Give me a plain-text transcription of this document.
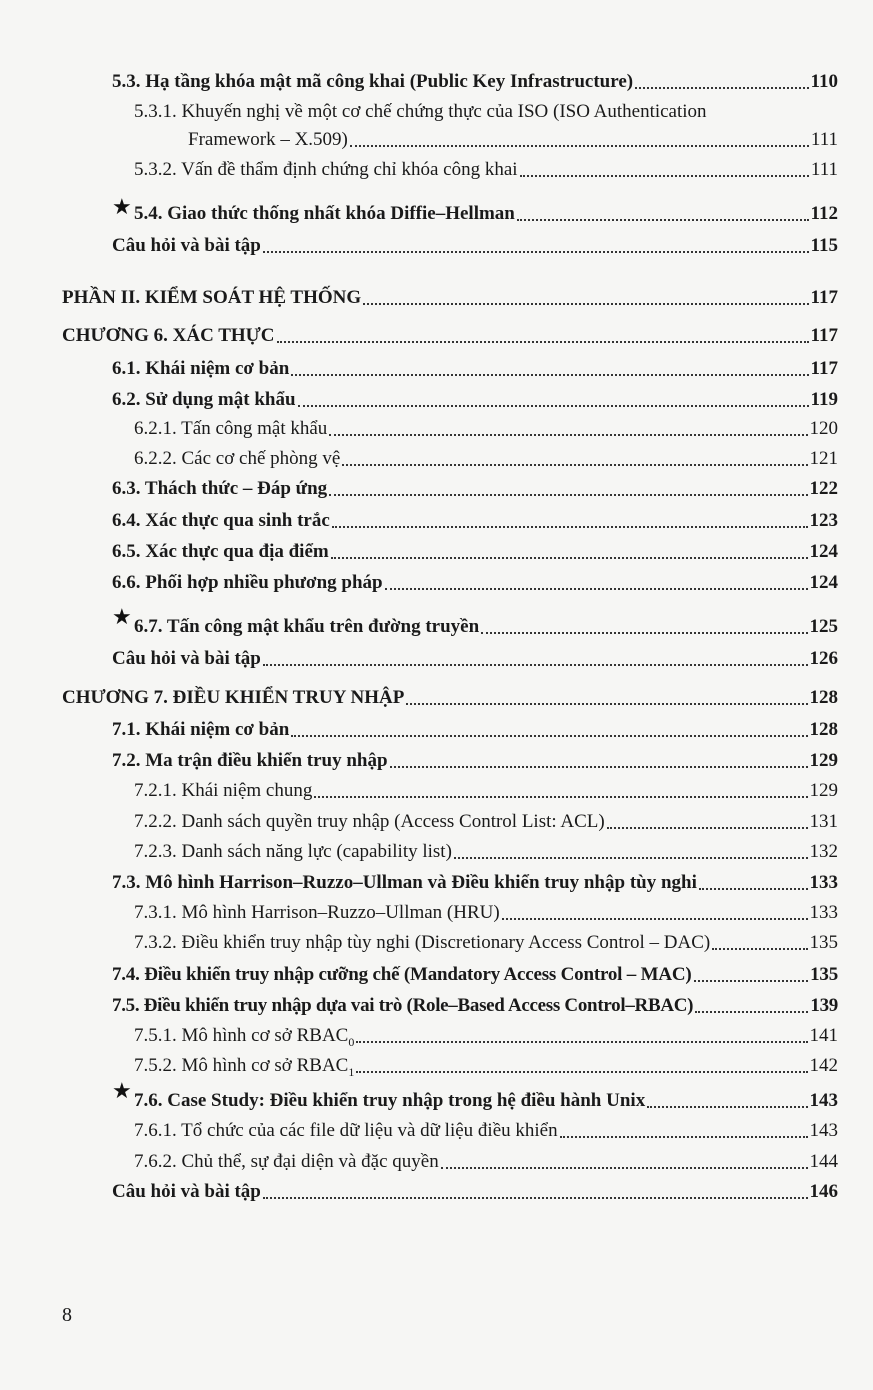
5.3. Hạ tầng khóa mật mã công khai (Public Key Infrastructure)	110
5.3.1. Khuyến nghị về một cơ chế chứng thực của ISO (ISO Authentication
Framework – X.509)	111
5.3.2. Vấn đề thẩm định chứng chỉ khóa công khai	111
★ 5.4. Giao thức thống nhất khóa Diffie–Hellman	112
Câu hỏi và bài tập	115
PHẦN II. KIỂM SOÁT HỆ THỐNG	117
CHƯƠNG 6. XÁC THỰC	117
6.1. Khái niệm cơ bản	117
6.2. Sử dụng mật khẩu	119
6.2.1. Tấn công mật khẩu	120
6.2.2. Các cơ chế phòng vệ	121
6.3. Thách thức – Đáp ứng	122
6.4. Xác thực qua sinh trắc	123
6.5. Xác thực qua địa điểm	124
6.6. Phối hợp nhiều phương pháp	124
★ 6.7. Tấn công mật khẩu trên đường truyền	125
Câu hỏi và bài tập	126
CHƯƠNG 7. ĐIỀU KHIỂN TRUY NHẬP	128
7.1. Khái niệm cơ bản	128
7.2. Ma trận điều khiển truy nhập	129
7.2.1. Khái niệm chung	129
7.2.2. Danh sách quyền truy nhập (Access Control List: ACL)	131
7.2.3. Danh sách năng lực (capability list)	132
7.3. Mô hình Harrison–Ruzzo–Ullman và Điều khiển truy nhập tùy nghi	133
7.3.1. Mô hình Harrison–Ruzzo–Ullman (HRU)	133
7.3.2. Điều khiển truy nhập tùy nghi (Discretionary Access Control – DAC)	135
7.4. Điều khiển truy nhập cưỡng chế (Mandatory Access Control – MAC)	135
7.5. Điều khiển truy nhập dựa vai trò (Role–Based Access Control–RBAC)	139
7.5.1. Mô hình cơ sở $RBAC_0$	141
7.5.2. Mô hình cơ sở $RBAC_1$	142
★ 7.6. Case Study: Điều khiển truy nhập trong hệ điều hành Unix	143
7.6.1. Tổ chức của các file dữ liệu và dữ liệu điều khiển	143
7.6.2. Chủ thể, sự đại diện và đặc quyền	144
Câu hỏi và bài tập	146
8
